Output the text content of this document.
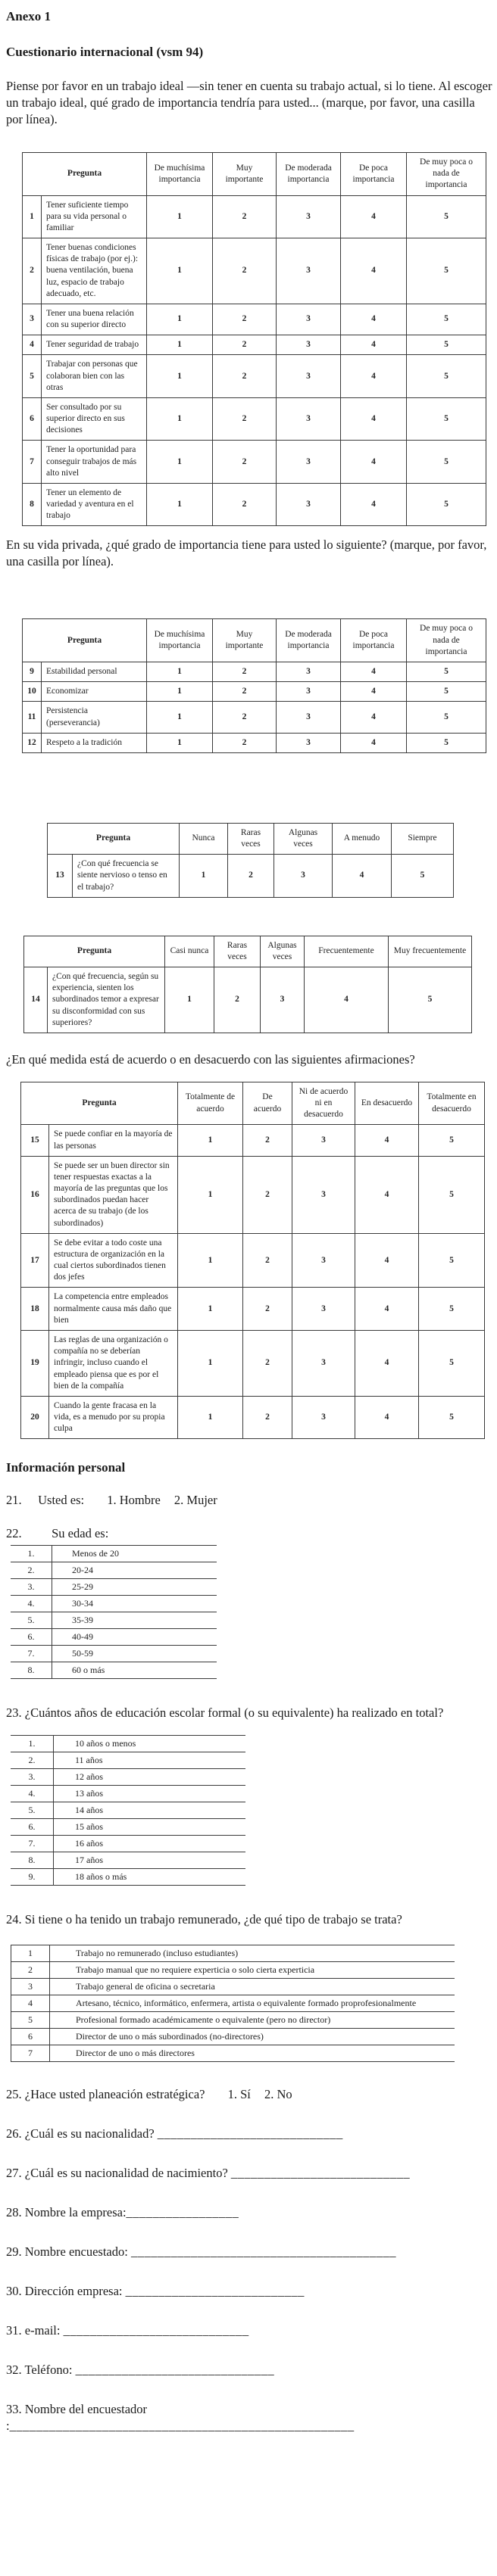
Anexo 1
Cuestionario internacional (vsm 94)

Piense por favor en un trabajo ideal —sin tener en cuenta su trabajo actual, si lo tiene. Al escoger un trabajo ideal, qué grado de importancia tendría para usted... (marque, por favor, una casilla por línea).

Pregunta		De muchísima importancia	Muy importante	De moderada importancia	De poca importancia	De muy poca o nada de importancia
1	Tener suficiente tiempo para su vida personal o familiar	1	2	3	4	5
2	Tener buenas condiciones físicas de trabajo (por ej.): buena ventilación, buena luz, espacio de trabajo adecuado, etc.	1	2	3	4	5
3	Tener una buena relación con su superior directo	1	2	3	4	5
4	Tener seguridad de trabajo	1	2	3	4	5
5	Trabajar con personas que colaboran bien con las otras	1	2	3	4	5
6	Ser consultado por su superior directo en sus decisiones	1	2	3	4	5
7	Tener la oportunidad para conseguir trabajos de más alto nivel	1	2	3	4	5
8	Tener un elemento de variedad y aventura en el trabajo	1	2	3	4	5

En su vida privada, ¿qué grado de importancia tiene para usted lo siguiente? (marque, por favor, una casilla por línea).

Pregunta		De muchísima importancia	Muy importante	De moderada importancia	De poca importancia	De muy poca o nada de importancia
9	Estabilidad personal	1	2	3	4	5
10	Economizar	1	2	3	4	5
11	Persistencia (perseverancia)	1	2	3	4	5
12	Respeto a la tradición	1	2	3	4	5
Pregunta		Nunca	Raras veces	Algunas veces	A menudo	Siempre
13	¿Con qué frecuencia se siente nervioso o tenso en el trabajo?	1	2	3	4	5
Pregunta		Casi nunca	Raras veces	Algunas veces	Frecuentemente	Muy frecuentemente
14	¿Con qué frecuencia, según su experiencia, sienten los subordinados temor a expresar su disconformidad con sus superiores?	1	2	3	4	5

¿En qué medida está de acuerdo o en desacuerdo con las siguientes afirmaciones?

Pregunta		Totalmente de acuerdo	De acuerdo	Ni de acuerdo ni en desacuerdo	En desacuerdo	Totalmente en desacuerdo
15	Se puede confiar en la mayoría de las personas	1	2	3	4	5
16	Se puede ser un buen director sin tener respuestas exactas a la mayoría de las preguntas que los subordinados puedan hacer acerca de su trabajo (de los subordinados)	1	2	3	4	5
17	Se debe evitar a todo coste una estructura de organización en la cual ciertos subordinados tienen dos jefes	1	2	3	4	5
18	La competencia entre empleados normalmente causa más daño que bien	1	2	3	4	5
19	Las reglas de una organización o compañía no se deberían infringir, incluso cuando el empleado piensa que es por el bien de la compañía	1	2	3	4	5
20	Cuando la gente fracasa en la vida, es a menudo por su propia culpa	1	2	3	4	5
Información personal
21. Usted es: 1. Hombre 2. Mujer
22. Su edad es:
1.	Menos de 20
2.	20-24
3.	25-29
4.	30-34
5.	35-39
6.	40-49
7.	50-59
8.	60 o más
23. ¿Cuántos años de educación escolar formal (o su equivalente) ha realizado en total?
1.	10 años o menos
2.	11 años
3.	12 años
4.	13 años
5.	14 años
6.	15 años
7.	16 años
8.	17 años
9.	18 años o más
24. Si tiene o ha tenido un trabajo remunerado, ¿de qué tipo de trabajo se trata?
1	Trabajo no remunerado (incluso estudiantes)
2	Trabajo manual que no requiere experticia o solo cierta experticia
3	Trabajo general de oficina o secretaria
4	Artesano, técnico, informático, enfermera, artista o equivalente formado proprofesionalmente
5	Profesional formado académicamente o equivalente (pero no director)
6	Director de uno o más subordinados (no-directores)
7	Director de uno o más directores
25. ¿Hace usted planeación estratégica? 1. Sí 2. No
26. ¿Cuál es su nacionalidad? ____________________________
27. ¿Cuál es su nacionalidad de nacimiento? ___________________________
28. Nombre la empresa:_________________
29. Nombre encuestado: ________________________________________
30. Dirección empresa: ___________________________
31. e-mail: ____________________________
32. Teléfono: ______________________________
33. Nombre del encuestador :____________________________________________________
